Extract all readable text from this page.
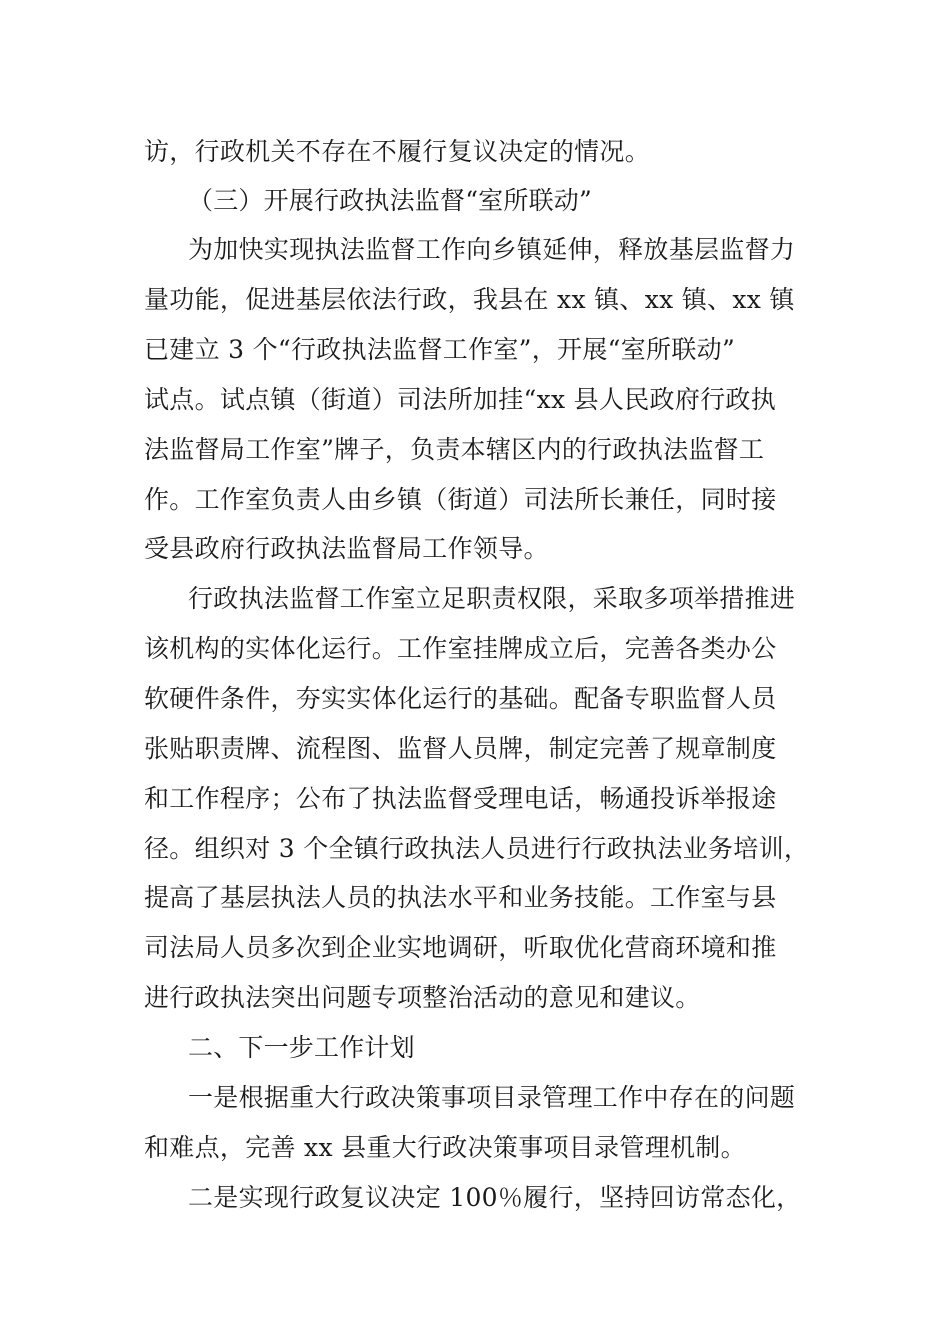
访，行政机关不存在不履行复议决定的情况。
（三）开展行政执法监督“室所联动”
为加快实现执法监督工作向乡镇延伸，释放基层监督力
量功能，促进基层依法行政，我县在 xx 镇、xx 镇、xx 镇
已建立 3 个“行政执法监督工作室”，开展“室所联动”
试点。试点镇（街道）司法所加挂“xx 县人民政府行政执
法监督局工作室”牌子，负责本辖区内的行政执法监督工
作。工作室负责人由乡镇（街道）司法所长兼任，同时接
受县政府行政执法监督局工作领导。
行政执法监督工作室立足职责权限，采取多项举措推进
该机构的实体化运行。工作室挂牌成立后，完善各类办公
软硬件条件，夯实实体化运行的基础。配备专职监督人员
张贴职责牌、流程图、监督人员牌，制定完善了规章制度
和工作程序；公布了执法监督受理电话，畅通投诉举报途
径。组织对 3 个全镇行政执法人员进行行政执法业务培训，
提高了基层执法人员的执法水平和业务技能。工作室与县
司法局人员多次到企业实地调研，听取优化营商环境和推
进行政执法突出问题专项整治活动的意见和建议。
二、下一步工作计划
一是根据重大行政决策事项目录管理工作中存在的问题
和难点，完善 xx 县重大行政决策事项目录管理机制。
二是实现行政复议决定 100％履行，坚持回访常态化，
